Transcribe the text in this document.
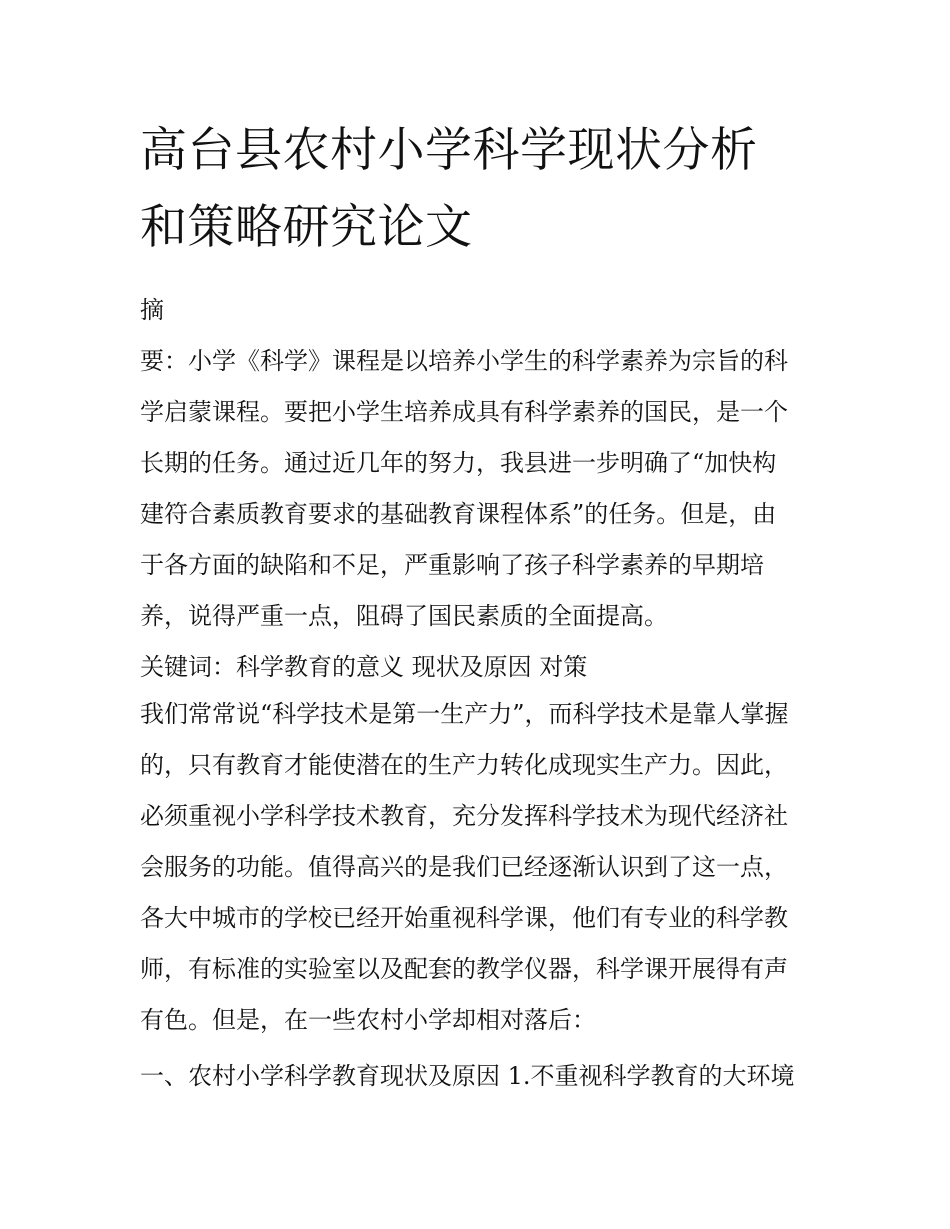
高台县农村小学科学现状分析
和策略研究论文
摘
要：小学《科学》课程是以培养小学生的科学素养为宗旨的科
学启蒙课程。要把小学生培养成具有科学素养的国民，是一个
长期的任务。通过近几年的努力，我县进一步明确了“加快构
建符合素质教育要求的基础教育课程体系”的任务。但是，由
于各方面的缺陷和不足，严重影响了孩子科学素养的早期培
养，说得严重一点，阻碍了国民素质的全面提高。
关键词：科学教育的意义 现状及原因 对策
我们常常说“科学技术是第一生产力”，而科学技术是靠人掌握
的，只有教育才能使潜在的生产力转化成现实生产力。因此，
必须重视小学科学技术教育，充分发挥科学技术为现代经济社
会服务的功能。值得高兴的是我们已经逐渐认识到了这一点，
各大中城市的学校已经开始重视科学课，他们有专业的科学教
师，有标准的实验室以及配套的教学仪器，科学课开展得有声
有色。但是，在一些农村小学却相对落后：
一、农村小学科学教育现状及原因 1.不重视科学教育的大环境
